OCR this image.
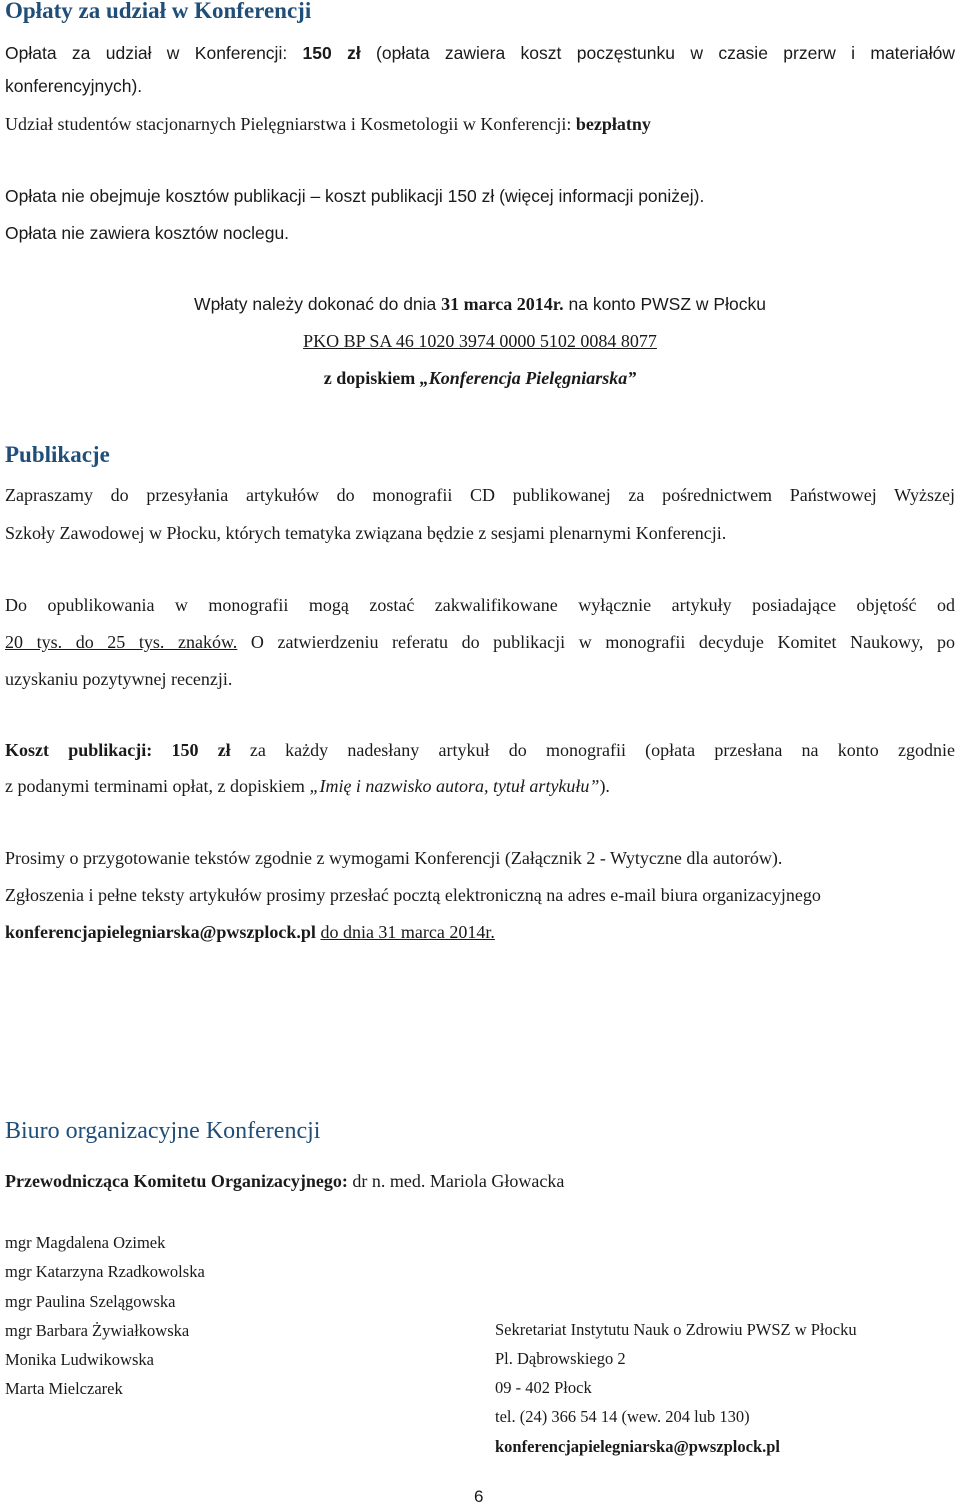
Opłaty za udział w Konferencji
Opłata za udział w Konferencji: 150 zł (opłata zawiera koszt poczęstunku w czasie przerw i materiałów
konferencyjnych).
Udział studentów stacjonarnych Pielęgniarstwa i Kosmetologii w Konferencji: bezpłatny
Opłata nie obejmuje kosztów publikacji – koszt publikacji 150 zł (więcej informacji poniżej).
Opłata nie zawiera kosztów noclegu.
Wpłaty należy dokonać do dnia 31 marca 2014r. na konto PWSZ w Płocku
PKO BP SA 46 1020 3974 0000 5102 0084 8077
z dopiskiem „Konferencja Pielęgniarska”
Publikacje
Zapraszamy do przesyłania artykułów do monografii CD publikowanej za pośrednictwem Państwowej Wyższej
Szkoły Zawodowej w Płocku, których tematyka związana będzie z sesjami plenarnymi Konferencji.
Do opublikowania w monografii mogą zostać zakwalifikowane wyłącznie artykuły posiadające objętość od
20 tys. do 25 tys. znaków. O zatwierdzeniu referatu do publikacji w monografii decyduje Komitet Naukowy, po
uzyskaniu pozytywnej recenzji.
Koszt publikacji: 150 zł za każdy nadesłany artykuł do monografii (opłata przesłana na konto zgodnie
z podanymi terminami opłat, z dopiskiem „Imię i nazwisko autora, tytuł artykułu”).
Prosimy o przygotowanie tekstów zgodnie z wymogami Konferencji (Załącznik 2 - Wytyczne dla autorów).
Zgłoszenia i pełne teksty artykułów prosimy przesłać pocztą elektroniczną na adres e-mail biura organizacyjnego
konferencjapielegniarska@pwszplock.pl do dnia 31 marca 2014r.
Biuro organizacyjne Konferencji
Przewodnicząca Komitetu Organizacyjnego: dr n. med. Mariola Głowacka
mgr Magdalena Ozimek
mgr Katarzyna Rzadkowolska
mgr Paulina Szelągowska
mgr Barbara Żywiałkowska
Monika Ludwikowska
Marta Mielczarek
Sekretariat Instytutu Nauk o Zdrowiu PWSZ w Płocku
Pl. Dąbrowskiego 2
09 - 402 Płock
tel. (24) 366 54 14 (wew. 204 lub 130)
konferencjapielegniarska@pwszplock.pl
6
